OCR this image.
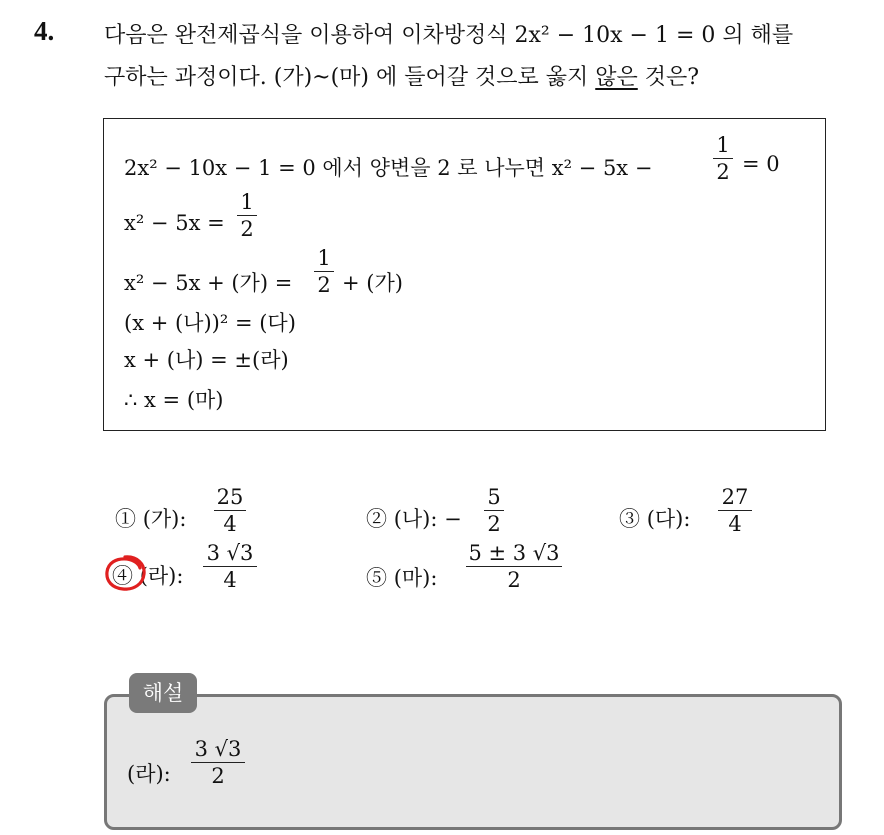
4. 다음은 완전제곱식을 이용하여 이차방정식 2x² − 10x − 1 = 0 의 해를
구하는 과정이다. (가)~(마) 에 들어갈 것으로 옳지 않은 것은?
2x² − 10x − 1 = 0 에서 양변을 2 로 나누면 x² − 5x −
1
2 = 0
x² − 5x =
1
2
x² − 5x + (가) =
1
2 + (가)
(x + (나))² = (다)
x + (나) = ±(라)
∴ x = (마)
① (가):
25
4	② (나): −
5
2	③ (다):
27
4
④ (라):
3 √3
4	⑤ (마):
5 ± 3 √3
2
해설
(라):
3 √3
2
